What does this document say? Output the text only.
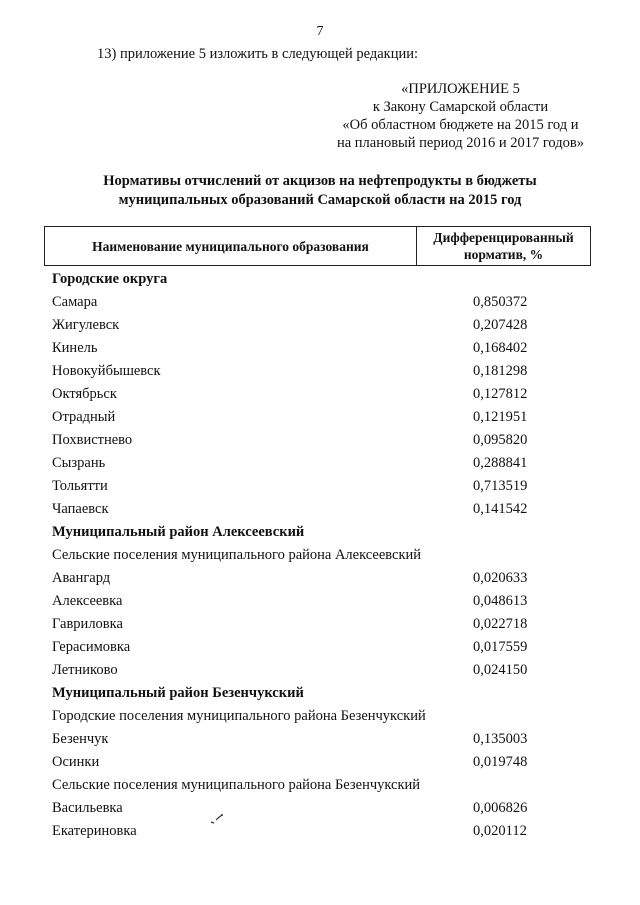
7
13) приложение 5 изложить в следующей редакции:
«ПРИЛОЖЕНИЕ 5
к Закону Самарской области
«Об областном бюджете на 2015 год и
на плановый период 2016 и 2017 годов»
Нормативы отчислений от акцизов на нефтепродукты в бюджеты
муниципальных образований Самарской области на 2015 год
Наименование муниципального образования
Дифференцированный
норматив, %
Городские округа
Самара	0,850372
Жигулевск	0,207428
Кинель	0,168402
Новокуйбышевск	0,181298
Октябрьск	0,127812
Отрадный	0,121951
Похвистнево	0,095820
Сызрань	0,288841
Тольятти	0,713519
Чапаевск	0,141542
Муниципальный район Алексеевский
Сельские поселения муниципального района Алексеевский
Авангард	0,020633
Алексеевка	0,048613
Гавриловка	0,022718
Герасимовка	0,017559
Летниково	0,024150
Муниципальный район Безенчукский
Городские поселения муниципального района Безенчукский
Безенчук	0,135003
Осинки	0,019748
Сельские поселения муниципального района Безенчукский
Васильевка	0,006826
Екатериновка	0,020112
